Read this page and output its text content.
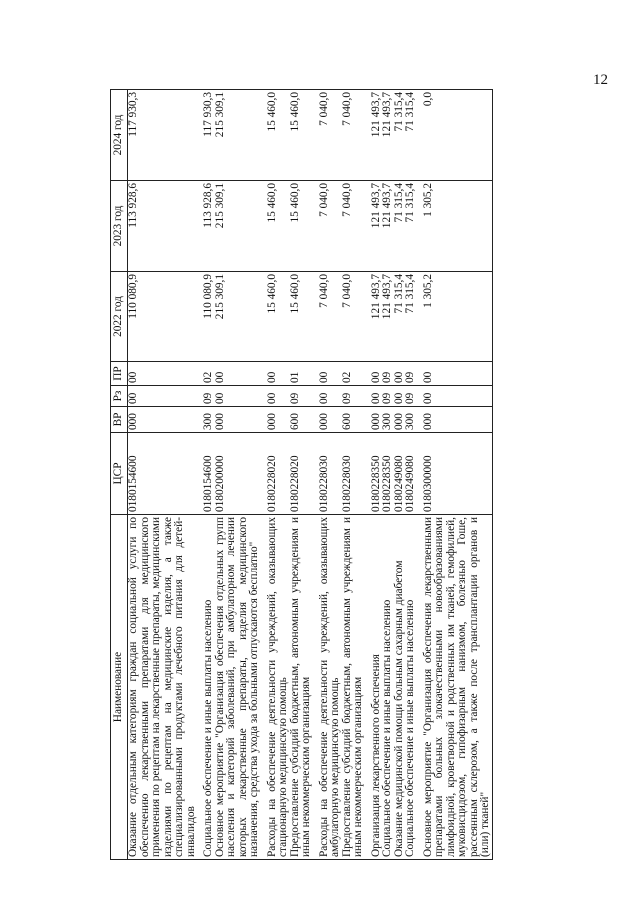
12
Наименование	ЦСР	ВР	Рз	ПР	2022 год	2023 год	2024 год
Оказание отдельным категориям граждан социальной услуги по обеспечению лекарственными препаратами для медицинского применения по рецептам на лекарственные препараты, медицинскими изделиями по рецептам на медицинские изделия, а также специализированными продуктами лечебного питания для детей-инвалидов	0180154600	000	00	00	110 080,9	113 928,6	117 930,3
Социальное обеспечение и иные выплаты населению	0180154600	300	09	02	110 080,9	113 928,6	117 930,3
Основное мероприятие "Организация обеспечения отдельных групп населения и категорий заболеваний, при амбулаторном лечении которых лекарственные препараты, изделия медицинского назначения, средства ухода за больными отпускаются бесплатно"	0180200000	000	00	00	215 309,1	215 309,1	215 309,1
Расходы на обеспечение деятельности учреждений, оказывающих стационарную медицинскую помощь	0180228020	000	00	00	15 460,0	15 460,0	15 460,0
Предоставление субсидий бюджетным, автономным учреждениям и иным некоммерческим организациям	0180228020	600	09	01	15 460,0	15 460,0	15 460,0
Расходы на обеспечение деятельности учреждений, оказывающих амбулаторную медицинскую помощь	0180228030	000	00	00	7 040,0	7 040,0	7 040,0
Предоставление субсидий бюджетным, автономным учреждениям и иным некоммерческим организациям	0180228030	600	09	02	7 040,0	7 040,0	7 040,0
Организация лекарственного обеспечения	0180228350	000	00	00	121 493,7	121 493,7	121 493,7
Социальное обеспечение и иные выплаты населению	0180228350	300	09	09	121 493,7	121 493,7	121 493,7
Оказание медицинской помощи больным сахарным диабетом	0180249080	000	00	00	71 315,4	71 315,4	71 315,4
Социальное обеспечение и иные выплаты населению	0180249080	300	09	09	71 315,4	71 315,4	71 315,4
Основное мероприятие "Организация обеспечения лекарственными препаратами больных злокачественными новообразованиями лимфоидной, кроветворной и родственных им тканей, гемофилией, муковисцидозом, гипофизарным нанизмом, болезнью Гоше, рассеянным склерозом, а также после трансплантации органов и (или) тканей"	0180300000	000	00	00	1 305,2	1 305,2	0,0
